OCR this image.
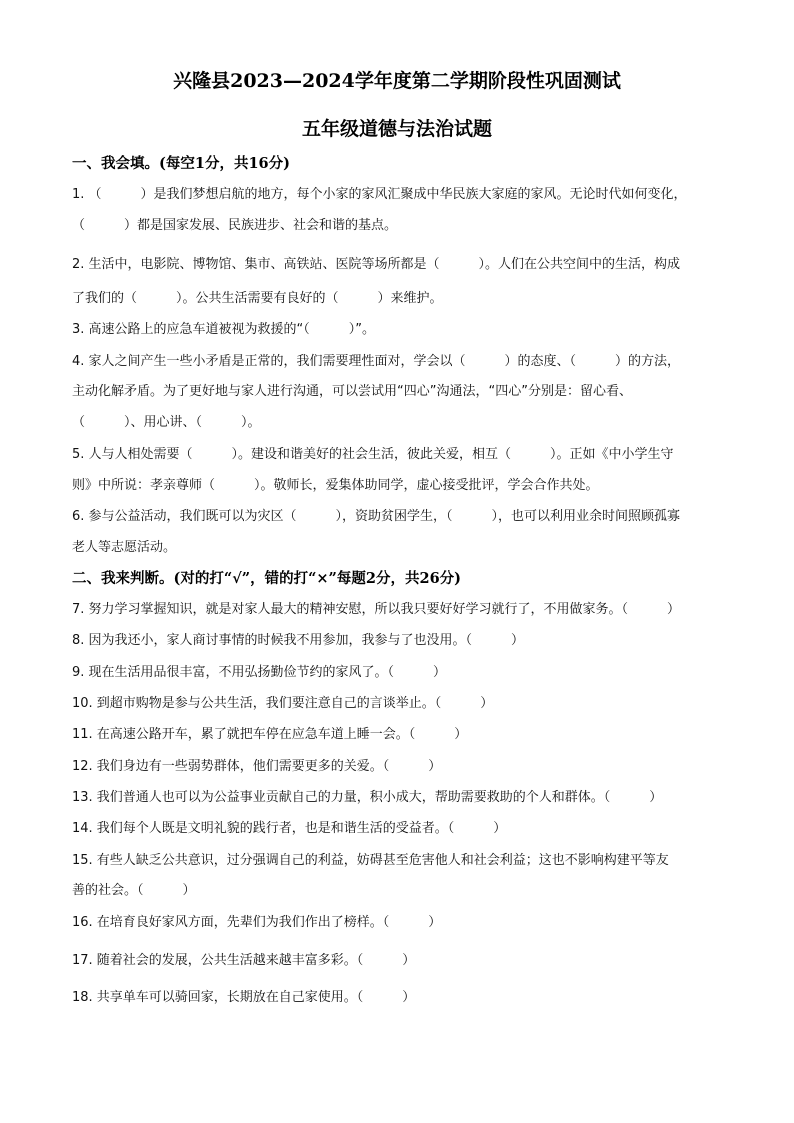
兴隆县2023—2024学年度第二学期阶段性巩固测试
五年级道德与法治试题
一、我会填。(每空1分，共16分)
1. （　　　）是我们梦想启航的地方，每个小家的家风汇聚成中华民族大家庭的家风。无论时代如何变化，
（　　　）都是国家发展、民族进步、社会和谐的基点。
2. 生活中，电影院、博物馆、集市、高铁站、医院等场所都是（　　　）。人们在公共空间中的生活，构成
了我们的（　　　）。公共生活需要有良好的（　　　）来维护。
3. 高速公路上的应急车道被视为救援的“（　　　）”。
4. 家人之间产生一些小矛盾是正常的，我们需要理性面对，学会以（　　　）的态度、（　　　）的方法，
主动化解矛盾。为了更好地与家人进行沟通，可以尝试用“四心”沟通法，“四心”分别是：留心看、
（　　　）、用心讲、（　　　）。
5. 人与人相处需要（　　　）。建设和谐美好的社会生活，彼此关爱，相互（　　　）。正如《中小学生守
则》中所说：孝亲尊师（　　　）。敬师长，爱集体助同学，虚心接受批评，学会合作共处。
6. 参与公益活动，我们既可以为灾区（　　　），资助贫困学生，（　　　），也可以利用业余时间照顾孤寡
老人等志愿活动。
二、我来判断。(对的打“√”，错的打“×”每题2分，共26分)
7. 努力学习掌握知识，就是对家人最大的精神安慰，所以我只要好好学习就行了，不用做家务。（　　　）
8. 因为我还小，家人商讨事情的时候我不用参加，我参与了也没用。（　　　）
9. 现在生活用品很丰富，不用弘扬勤俭节约的家风了。（　　　）
10. 到超市购物是参与公共生活，我们要注意自己的言谈举止。（　　　）
11. 在高速公路开车，累了就把车停在应急车道上睡一会。（　　　）
12. 我们身边有一些弱势群体，他们需要更多的关爱。（　　　）
13. 我们普通人也可以为公益事业贡献自己的力量，积小成大，帮助需要救助的个人和群体。（　　　）
14. 我们每个人既是文明礼貌的践行者，也是和谐生活的受益者。（　　　）
15. 有些人缺乏公共意识，过分强调自己的利益，妨碍甚至危害他人和社会利益；这也不影响构建平等友
善的社会。（　　　）
16. 在培育良好家风方面，先辈们为我们作出了榜样。（　　　）
17. 随着社会的发展，公共生活越来越丰富多彩。（　　　）
18. 共享单车可以骑回家，长期放在自己家使用。（　　　）
